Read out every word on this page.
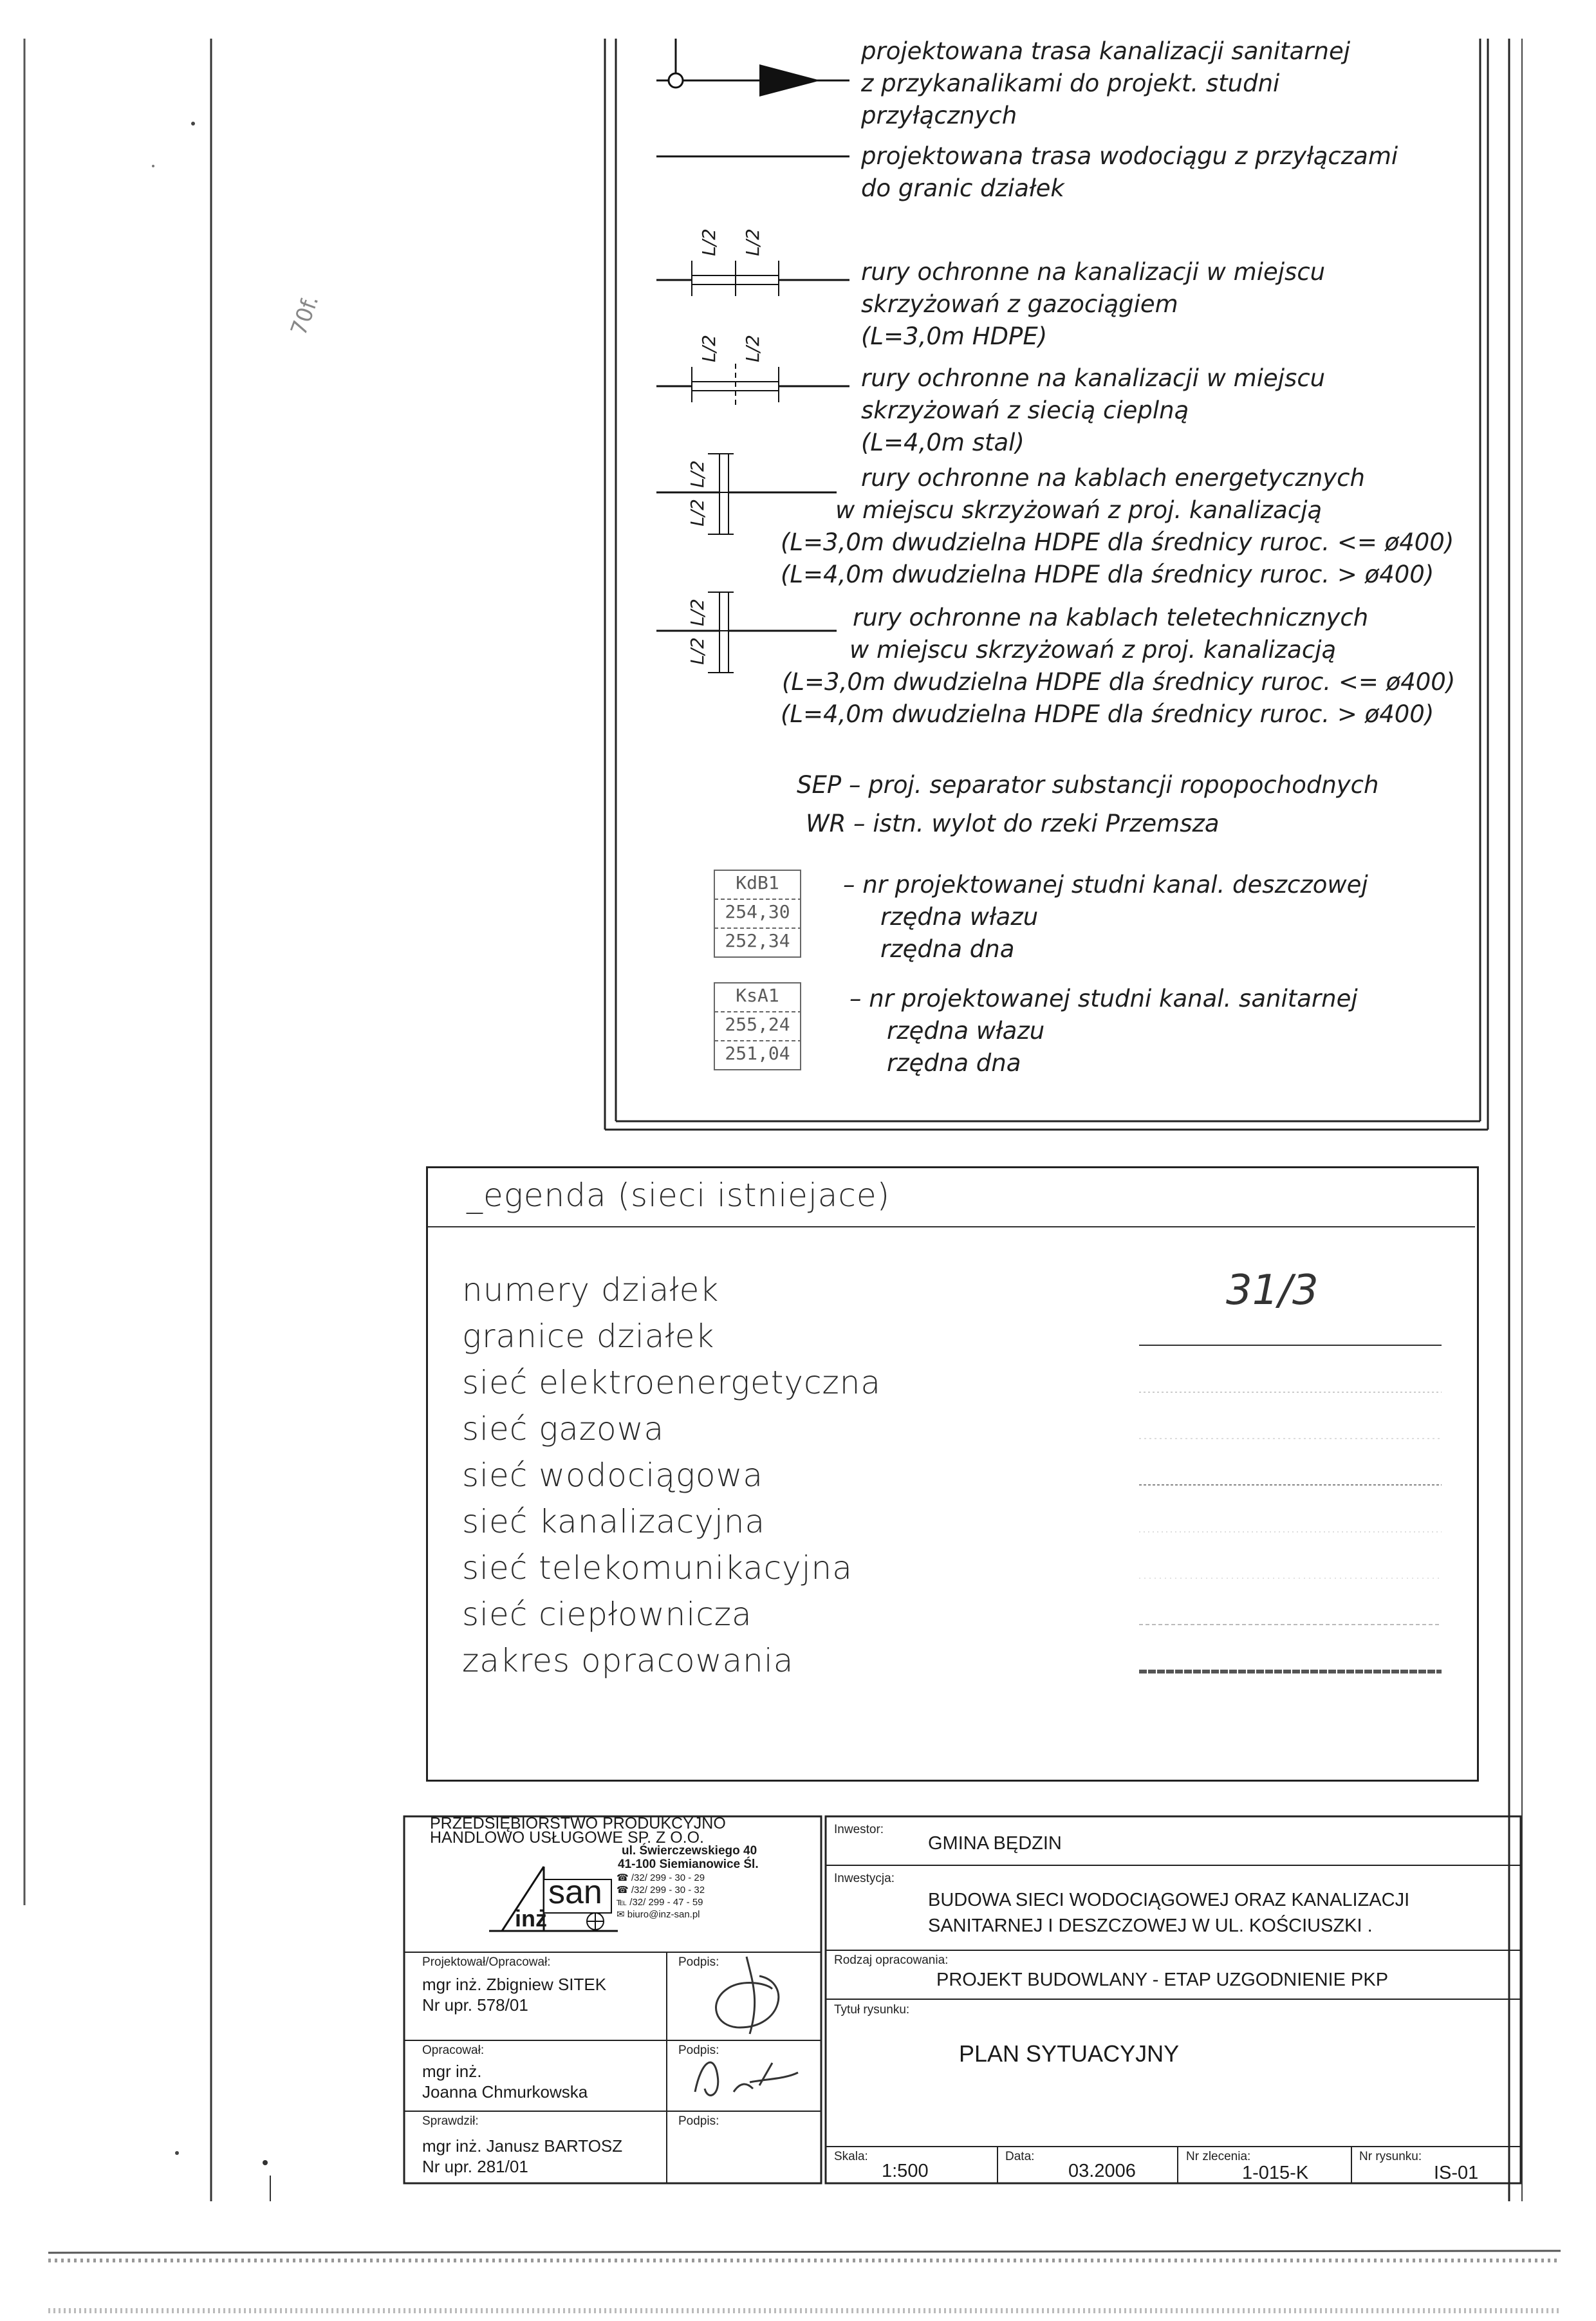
70f.
L/2 L/2
L/2 L/2
L/2
L/2
L/2
L/2
projektowana trasa kanalizacji sanitarnej
z przykanalikami do projekt. studni
przyłącznych
projektowana trasa wodociągu z przyłączami
do granic działek
rury ochronne na kanalizacji w miejscu
skrzyżowań z gazociągiem
(L=3,0m HDPE)
rury ochronne na kanalizacji w miejscu
skrzyżowań z siecią cieplną
(L=4,0m stal)
rury ochronne na kablach energetycznych
w miejscu skrzyżowań z proj. kanalizacją
(L=3,0m dwudzielna HDPE dla średnicy ruroc. <= ø400)
(L=4,0m dwudzielna HDPE dla średnicy ruroc. > ø400)
rury ochronne na kablach teletechnicznych
w miejscu skrzyżowań z proj. kanalizacją
(L=3,0m dwudzielna HDPE dla średnicy ruroc. <= ø400)
(L=4,0m dwudzielna HDPE dla średnicy ruroc. > ø400)
SEP – proj. separator substancji ropopochodnych
WR – istn. wylot do rzeki Przemsza
KdB1
254,30
252,34
KsA1
255,24
251,04
– nr projektowanej studni kanal. deszczowej
rzędna włazu
rzędna dna
– nr projektowanej studni kanal. sanitarnej
rzędna włazu
rzędna dna
_egenda (sieci istniejace)
numery działek
granice działek
sieć elektroenergetyczna
sieć gazowa
sieć wodociągowa
sieć kanalizacyjna
sieć telekomunikacyjna
sieć ciepłownicza
zakres opracowania
31/3
PRZEDSIĘBIORSTWO PRODUKCYJNO
HANDLOWO USŁUGOWE SP. Z O.O.
ul. Świerczewskiego 40
41-100 Siemianowice Śl.
☎ /32/ 299 - 30 - 29
☎ /32/ 299 - 30 - 32
℡ /32/ 299 - 47 - 59
✉ biuro@inz-san.pl
san
inż
Projektował/Opracował:
mgr inż. Zbigniew SITEK
Nr upr. 578/01
Podpis:
Opracował:
mgr inż.
Joanna Chmurkowska
Podpis:
Sprawdził:
mgr inż. Janusz BARTOSZ
Nr upr. 281/01
Podpis:
Inwestor:
GMINA BĘDZIN
Inwestycja:
BUDOWA SIECI WODOCIĄGOWEJ ORAZ KANALIZACJI
SANITARNEJ I DESZCZOWEJ W UL. KOŚCIUSZKI .
Rodzaj opracowania:
PROJEKT BUDOWLANY - ETAP UZGODNIENIE PKP
Tytuł rysunku:
PLAN SYTUACYJNY
Skala:
1:500
Data:
03.2006
Nr zlecenia:
1-015-K
Nr rysunku:
IS-01
